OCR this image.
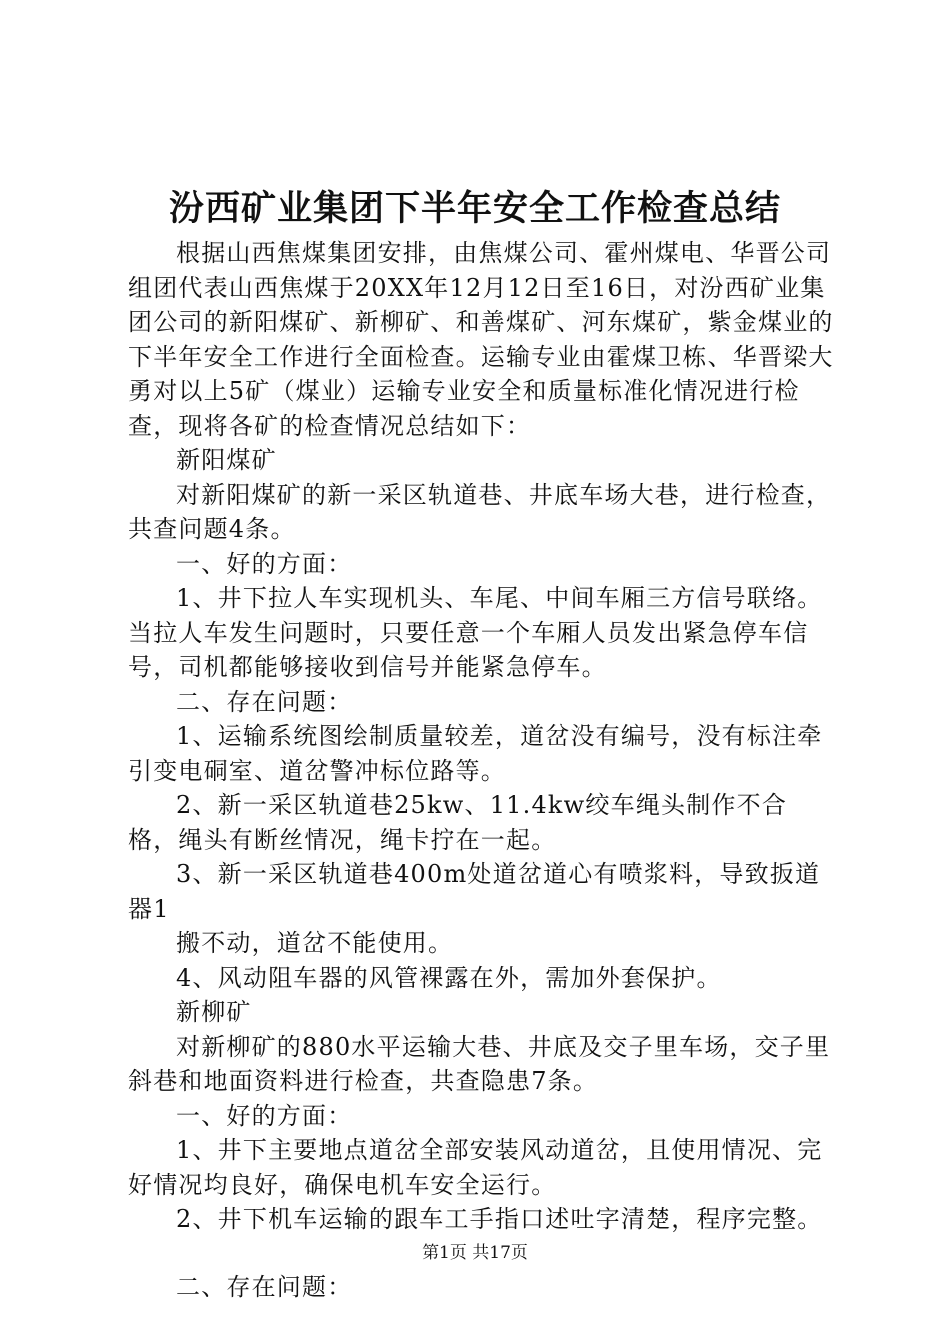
汾西矿业集团下半年安全工作检查总结

根据山西焦煤集团安排，由焦煤公司、霍州煤电、华晋公司组团代表山西焦煤于20XX年12月12日至16日，对汾西矿业集团公司的新阳煤矿、新柳矿、和善煤矿、河东煤矿，紫金煤业的下半年安全工作进行全面检查。运输专业由霍煤卫栋、华晋梁大勇对以上5矿（煤业）运输专业安全和质量标准化情况进行检查，现将各矿的检查情况总结如下：

新阳煤矿

对新阳煤矿的新一采区轨道巷、井底车场大巷，进行检查，共查问题4条。

一、好的方面：

1、井下拉人车实现机头、车尾、中间车厢三方信号联络。当拉人车发生问题时，只要任意一个车厢人员发出紧急停车信号，司机都能够接收到信号并能紧急停车。

二、存在问题：

1、运输系统图绘制质量较差，道岔没有编号，没有标注牵引变电硐室、道岔警冲标位路等。

2、新一采区轨道巷25kw、11.4kw绞车绳头制作不合格，绳头有断丝情况，绳卡拧在一起。

3、新一采区轨道巷400m处道岔道心有喷浆料，导致扳道器1

搬不动，道岔不能使用。

4、风动阻车器的风管裸露在外，需加外套保护。

新柳矿

对新柳矿的880水平运输大巷、井底及交子里车场，交子里斜巷和地面资料进行检查，共查隐患7条。

一、好的方面：

1、井下主要地点道岔全部安装风动道岔，且使用情况、完好情况均良好，确保电机车安全运行。

2、井下机车运输的跟车工手指口述吐字清楚，程序完整。

二、存在问题：

第1页 共17页
